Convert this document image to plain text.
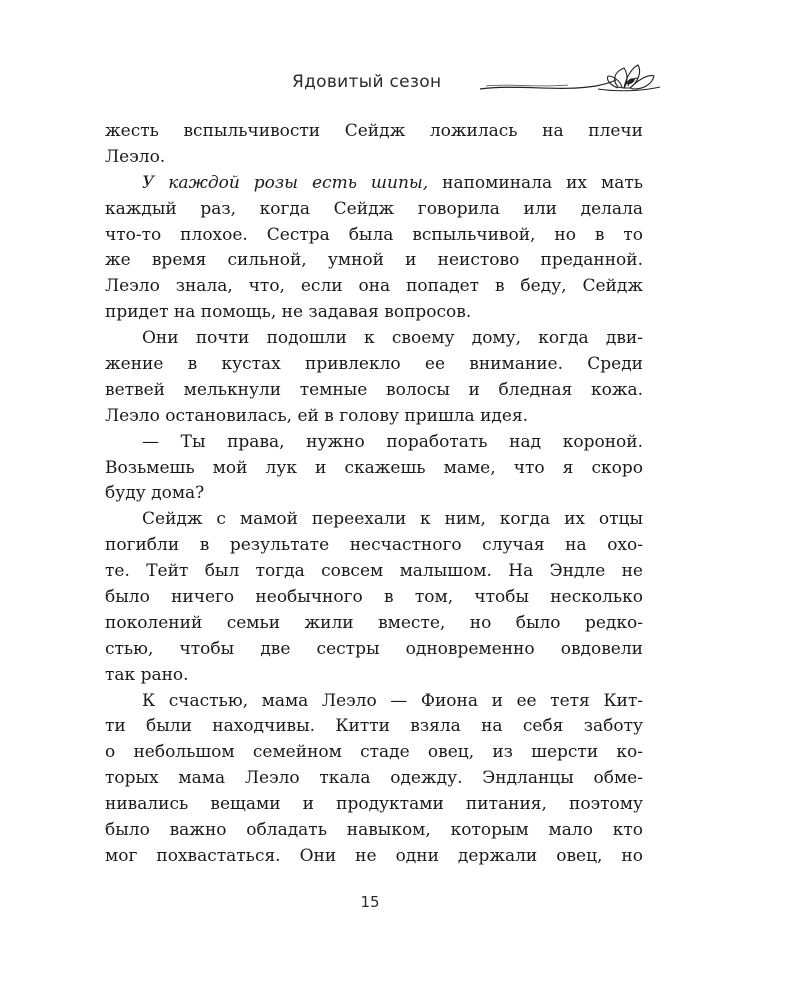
Ядовитый сезон
жесть вспыльчивости Сейдж ложилась на плечи
Леэло.
У каждой розы есть шипы, напоминала их мать
каждый раз, когда Сейдж говорила или делала
что-то плохое. Сестра была вспыльчивой, но в то
же время сильной, умной и неистово преданной.
Леэло знала, что, если она попадет в беду, Сейдж
придет на помощь, не задавая вопросов.
Они почти подошли к своему дому, когда дви-
жение в кустах привлекло ее внимание. Среди
ветвей мелькнули темные волосы и бледная кожа.
Леэло остановилась, ей в голову пришла идея.
— Ты права, нужно поработать над короной.
Возьмешь мой лук и скажешь маме, что я скоро
буду дома?
Сейдж с мамой переехали к ним, когда их отцы
погибли в результате несчастного случая на охо-
те. Тейт был тогда совсем малышом. На Эндле не
было ничего необычного в том, чтобы несколько
поколений семьи жили вместе, но было редко-
стью, чтобы две сестры одновременно овдовели
так рано.
К счастью, мама Леэло — Фиона и ее тетя Кит-
ти были находчивы. Китти взяла на себя заботу
о небольшом семейном стаде овец, из шерсти ко-
торых мама Леэло ткала одежду. Эндланцы обме-
нивались вещами и продуктами питания, поэтому
было важно обладать навыком, которым мало кто
мог похвастаться. Они не одни держали овец, но
15
